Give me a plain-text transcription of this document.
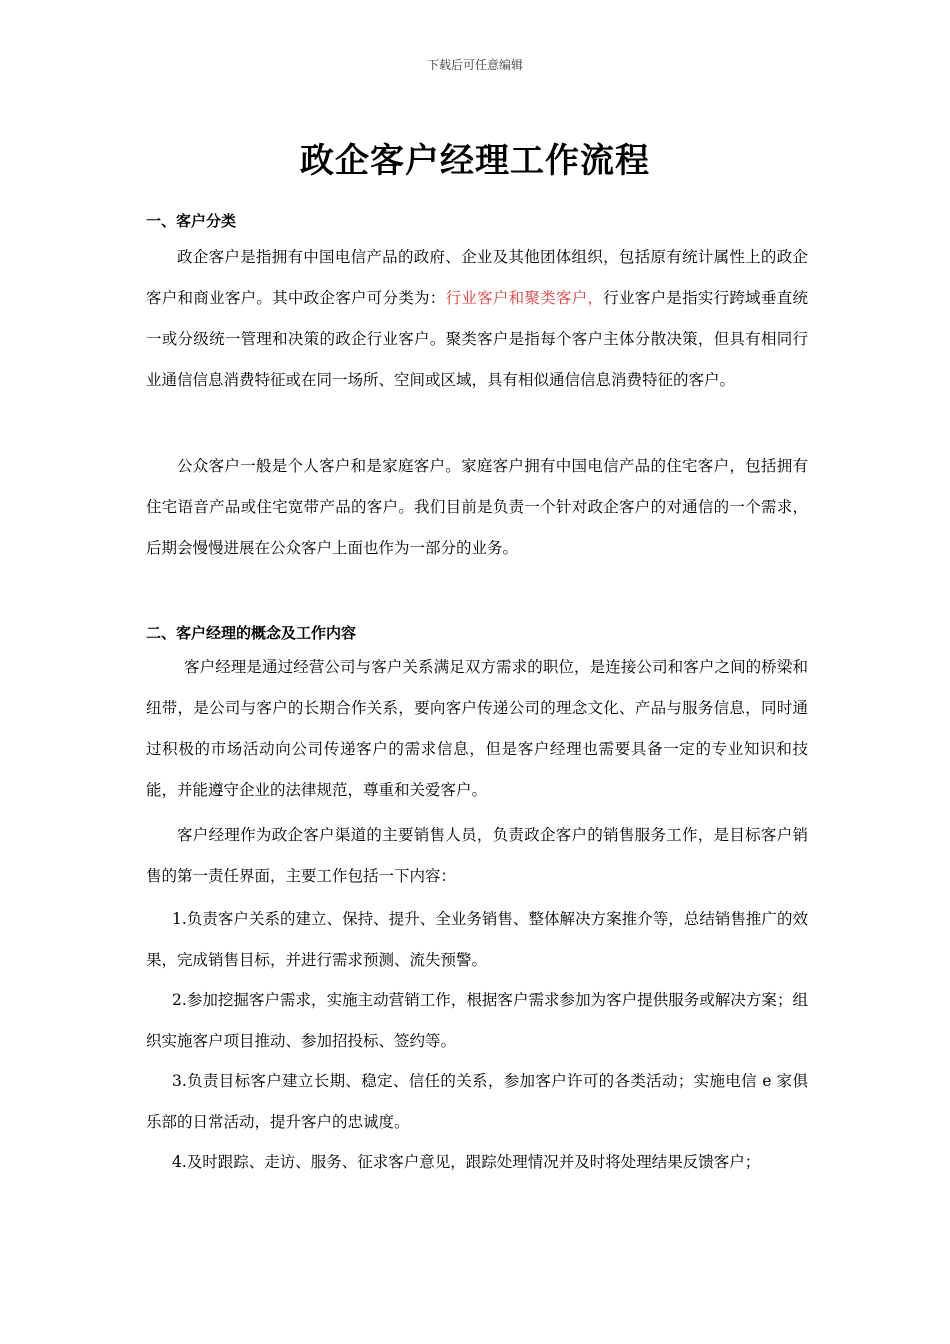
下载后可任意编辑
政企客户经理工作流程
一、客户分类

政企客户是指拥有中国电信产品的政府、企业及其他团体组织，包括原有统计属性上的政企客户和商业客户。其中政企客户可分类为：行业客户和聚类客户，行业客户是指实行跨域垂直统一或分级统一管理和决策的政企行业客户。聚类客户是指每个客户主体分散决策，但具有相同行业通信信息消费特征或在同一场所、空间或区域，具有相似通信信息消费特征的客户。

公众客户一般是个人客户和是家庭客户。家庭客户拥有中国电信产品的住宅客户，包括拥有住宅语音产品或住宅宽带产品的客户。我们目前是负责一个针对政企客户的对通信的一个需求，后期会慢慢进展在公众客户上面也作为一部分的业务。

二、客户经理的概念及工作内容

客户经理是通过经营公司与客户关系满足双方需求的职位，是连接公司和客户之间的桥梁和纽带，是公司与客户的长期合作关系，要向客户传递公司的理念文化、产品与服务信息，同时通过积极的市场活动向公司传递客户的需求信息，但是客户经理也需要具备一定的专业知识和技能，并能遵守企业的法律规范，尊重和关爱客户。

客户经理作为政企客户渠道的主要销售人员，负责政企客户的销售服务工作，是目标客户销售的第一责任界面，主要工作包括一下内容：

1.负责客户关系的建立、保持、提升、全业务销售、整体解决方案推介等，总结销售推广的效果，完成销售目标，并进行需求预测、流失预警。

2.参加挖掘客户需求，实施主动营销工作，根据客户需求参加为客户提供服务或解决方案；组织实施客户项目推动、参加招投标、签约等。

3.负责目标客户建立长期、稳定、信任的关系，参加客户许可的各类活动；实施电信 e 家俱乐部的日常活动，提升客户的忠诚度。

4.及时跟踪、走访、服务、征求客户意见，跟踪处理情况并及时将处理结果反馈客户；
